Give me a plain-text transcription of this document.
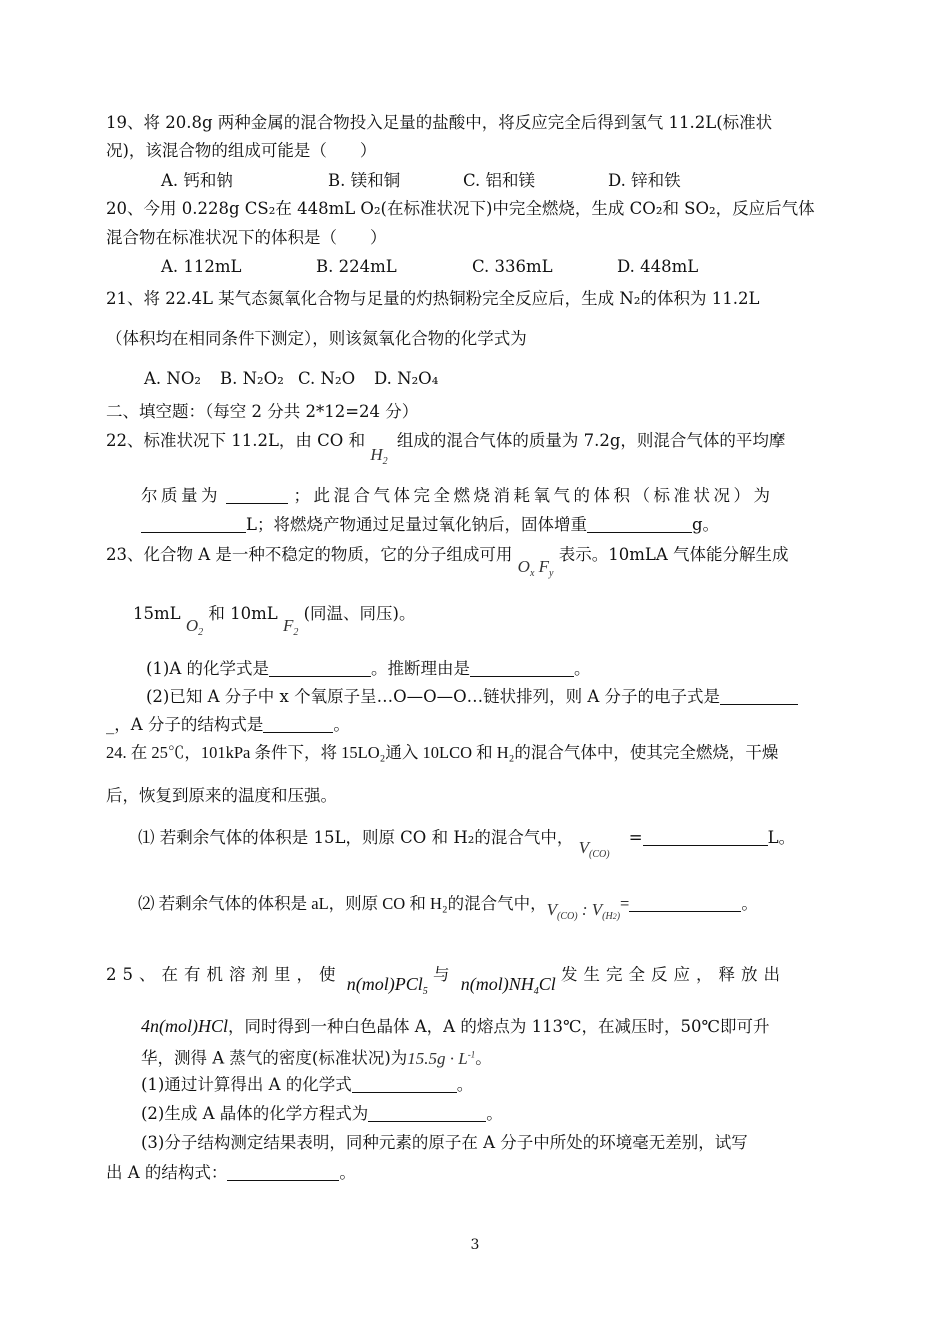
19、将 20.8g 两种金属的混合物投入足量的盐酸中，将反应完全后得到氢气 11.2L(标准状
况)，该混合物的组成可能是（　　）
A. 钙和钠	B. 镁和铜	C. 铝和镁	D. 锌和铁
20、今用 0.228g CS₂在 448mL O₂(在标准状况下)中完全燃烧，生成 CO₂和 SO₂，反应后气体
混合物在标准状况下的体积是（　　）
A. 112mL	B. 224mL	C. 336mL	D. 448mL
21、将 22.4L 某气态氮氧化合物与足量的灼热铜粉完全反应后，生成 N₂的体积为 11.2L
（体积均在相同条件下测定），则该氮氧化合物的化学式为
A. NO₂ B. N₂O₂ C. N₂O D. N₂O₄
二、填空题：（每空 2 分共 2*12=24 分）
22、标准状况下 11.2L，由 CO 和 $H_2$ 组成的混合气体的质量为 7.2g，则混合气体的平均摩
尔质量为	；此混合气体完全燃烧消耗氧气的体积（标准状况）为
L；将燃烧产物通过足量过氧化钠后，固体增重	g。
23、化合物 A 是一种不稳定的物质，它的分子组成可用 $O_x$ $F_y$ 表示。10mLA 气体能分解生成
15mL $O_2$ 和 10mL $F_2$ (同温、同压)。
(1)A 的化学式是	。推断理由是	。
(2)已知 A 分子中 x 个氧原子呈…O—O—O…链状排列，则 A 分子的电子式是
_，A 分子的结构式是	。
24. 在 25℃，101kPa 条件下，将 15LO₂通入 10LCO 和 H₂的混合气体中，使其完全燃烧，干燥
后，恢复到原来的温度和压强。
⑴ 若剩余气体的体积是 15L，则原 CO 和 H₂的混合气中， $V_{(CO)}$ =	L。
⑵ 若剩余气体的体积是 aL，则原 CO 和 H₂的混合气中，$V_{(CO)}$ : $V_{(H2)}=$	。
25、在有机溶剂里，使 n(mol)PCl$_5$ 与 $n(mol)NH_4Cl$ 发生完全反应，释放出
4n(mol)HCl，同时得到一种白色晶体 A，A 的熔点为 113℃，在减压时，50℃即可升
华，测得 A 蒸气的密度(标准状况)为$15.5g \cdot L^{-1}$。
(1)通过计算得出 A 的化学式	。
(2)生成 A 晶体的化学方程式为	。
(3)分子结构测定结果表明，同种元素的原子在 A 分子中所处的环境毫无差别，试写
出 A 的结构式：	。
3
